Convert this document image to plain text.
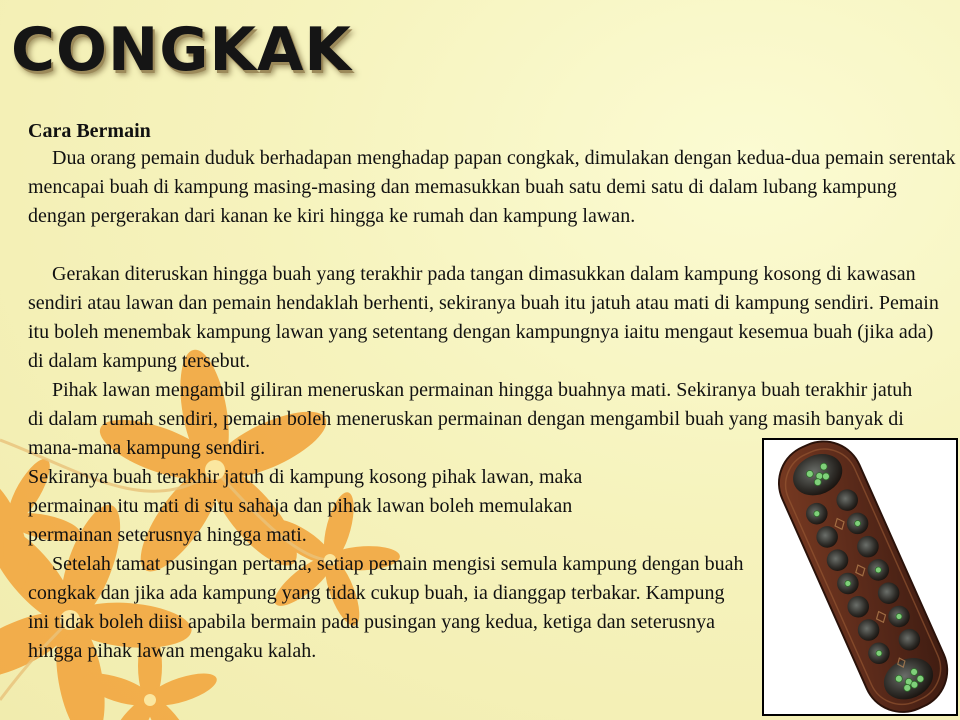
CONGKAK
Cara Bermain

Dua orang pemain duduk berhadapan menghadap papan congkak, dimulakan dengan kedua-dua pemain serentak mencapai buah di kampung masing-masing dan memasukkan buah satu demi satu di dalam lubang kampung dengan pergerakan dari kanan ke kiri hingga ke rumah dan kampung lawan.

Gerakan diteruskan hingga buah yang terakhir pada tangan dimasukkan dalam kampung kosong di kawasan sendiri atau lawan dan pemain hendaklah berhenti, sekiranya buah itu jatuh atau mati di kampung sendiri. Pemain itu boleh menembak kampung lawan yang setentang dengan kampungnya iaitu mengaut kesemua buah (jika ada) di dalam kampung tersebut.

Pihak lawan mengambil giliran meneruskan permainan hingga buahnya mati. Sekiranya buah terakhir jatuh di dalam rumah sendiri, pemain boleh meneruskan permainan dengan mengambil buah yang masih banyak di mana-mana kampung sendiri.

Sekiranya buah terakhir jatuh di kampung kosong pihak lawan, maka permainan itu mati di situ sahaja dan pihak lawan boleh memulakan permainan seterusnya hingga mati.

Setelah tamat pusingan pertama, setiap pemain mengisi semula kampung dengan buah congkak dan jika ada kampung yang tidak cukup buah, ia dianggap terbakar. Kampung ini tidak boleh diisi apabila bermain pada pusingan yang kedua, ketiga dan seterusnya hingga pihak lawan mengaku kalah.
